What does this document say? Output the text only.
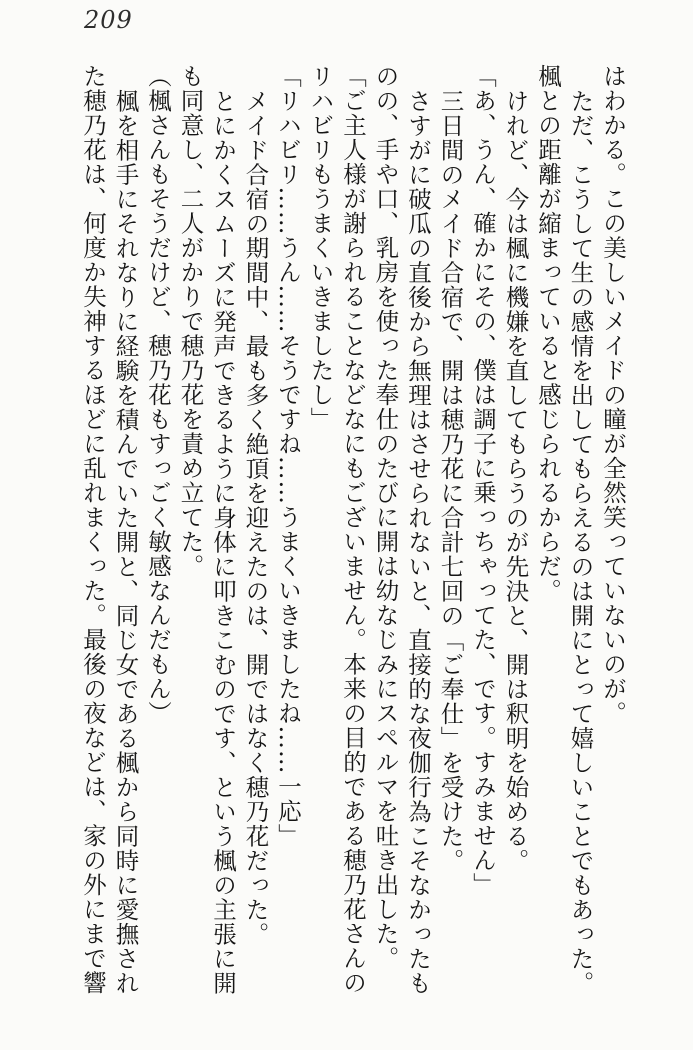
209
はわかる。この美しいメイドの瞳が全然笑っていないのが。
ただ、こうして生の感情を出してもらえるのは開にとって嬉しいことでもあった。
楓との距離が縮まっていると感じられるからだ。
けれど、今は楓に機嫌を直してもらうのが先決と、開は釈明を始める。
「あ、うん、確かにその、僕は調子に乗っちゃってた、です。すみません」
三日間のメイド合宿で、開は穂乃花に合計七回の「ご奉仕」を受けた。
さすがに破瓜の直後から無理はさせられないと、直接的な夜伽行為こそなかったも
のの、手や口、乳房を使った奉仕のたびに開は幼なじみにスペルマを吐き出した。
「ご主人様が謝られることなどなにもございません。本来の目的である穂乃花さんの
リハビリもうまくいきましたし」
「リハビリ……うん……そうですね……うまくいきましたね……一応」
メイド合宿の期間中、最も多く絶頂を迎えたのは、開ではなく穂乃花だった。
とにかくスムーズに発声できるように身体に叩きこむのです、という楓の主張に開
も同意し、二人がかりで穂乃花を責め立てた。
（楓さんもそうだけど、穂乃花もすっごく敏感なんだもん）
楓を相手にそれなりに経験を積んでいた開と、同じ女である楓から同時に愛撫され
た穂乃花は、何度か失神するほどに乱れまくった。最後の夜などは、家の外にまで響
